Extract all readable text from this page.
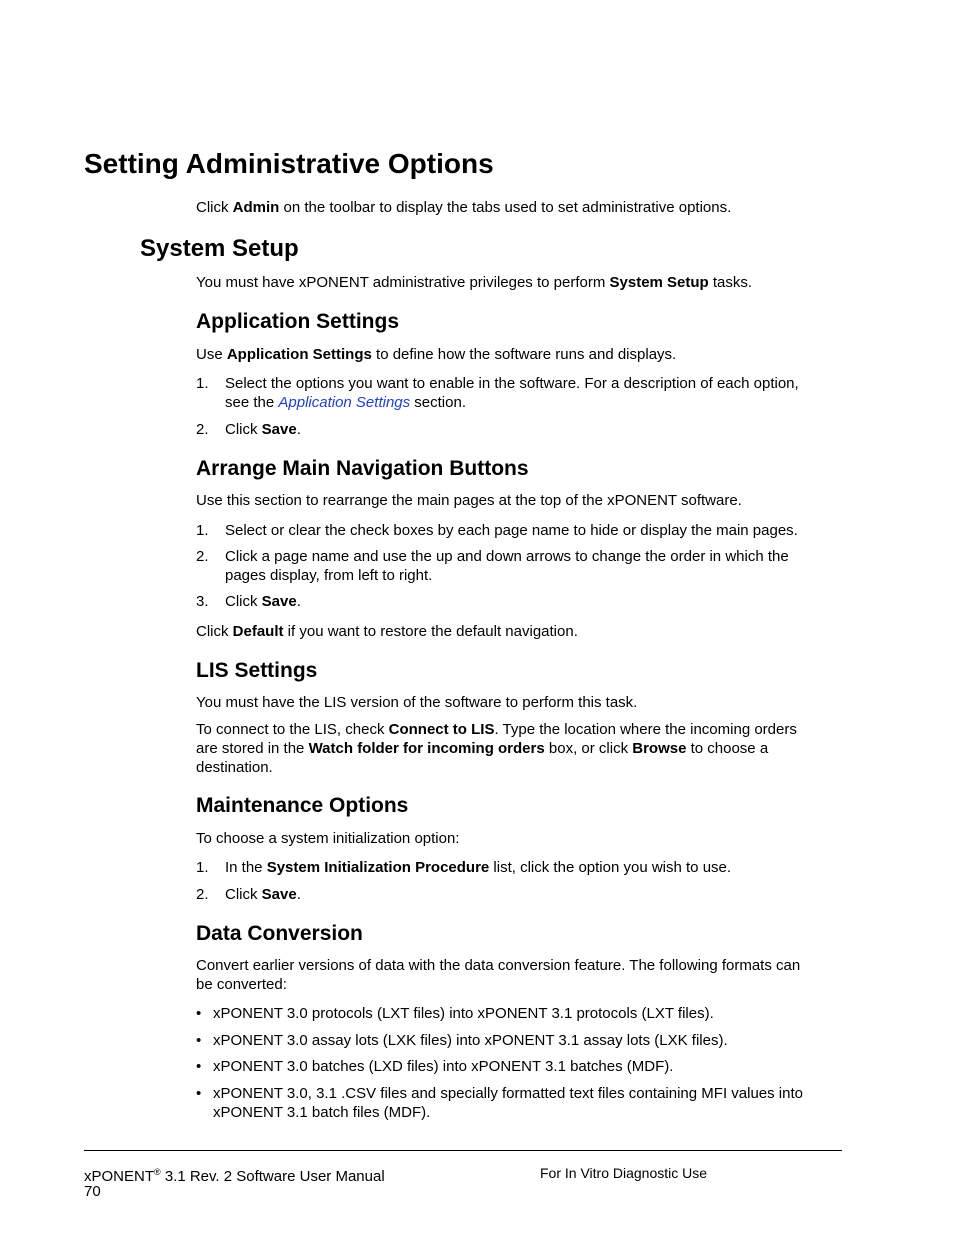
Setting Administrative Options

Click Admin on the toolbar to display the tabs used to set administrative options.

System Setup

You must have xPONENT administrative privileges to perform System Setup tasks.

Application Settings

Use Application Settings to define how the software runs and displays.

1. Select the options you want to enable in the software. For a description of each option,
see the Application Settings section.
2. Click Save.
Arrange Main Navigation Buttons

Use this section to rearrange the main pages at the top of the xPONENT software.

1. Select or clear the check boxes by each page name to hide or display the main pages.
2. Click a page name and use the up and down arrows to change the order in which the
pages display, from left to right.
3. Click Save.

Click Default if you want to restore the default navigation.

LIS Settings

You must have the LIS version of the software to perform this task.

To connect to the LIS, check Connect to LIS. Type the location where the incoming orders
are stored in the Watch folder for incoming orders box, or click Browse to choose a
destination.
Maintenance Options

To choose a system initialization option:

1. In the System Initialization Procedure list, click the option you wish to use.
2. Click Save.
Data Conversion
Convert earlier versions of data with the data conversion feature. The following formats can
be converted:
• xPONENT 3.0 protocols (LXT files) into xPONENT 3.1 protocols (LXT files).
• xPONENT 3.0 assay lots (LXK files) into xPONENT 3.1 assay lots (LXK files).
• xPONENT 3.0 batches (LXD files) into xPONENT 3.1 batches (MDF).
• xPONENT 3.0, 3.1 .CSV files and specially formatted text files containing MFI values into
xPONENT 3.1 batch files (MDF).
xPONENT® 3.1 Rev. 2 Software User Manual
70
For In Vitro Diagnostic Use
